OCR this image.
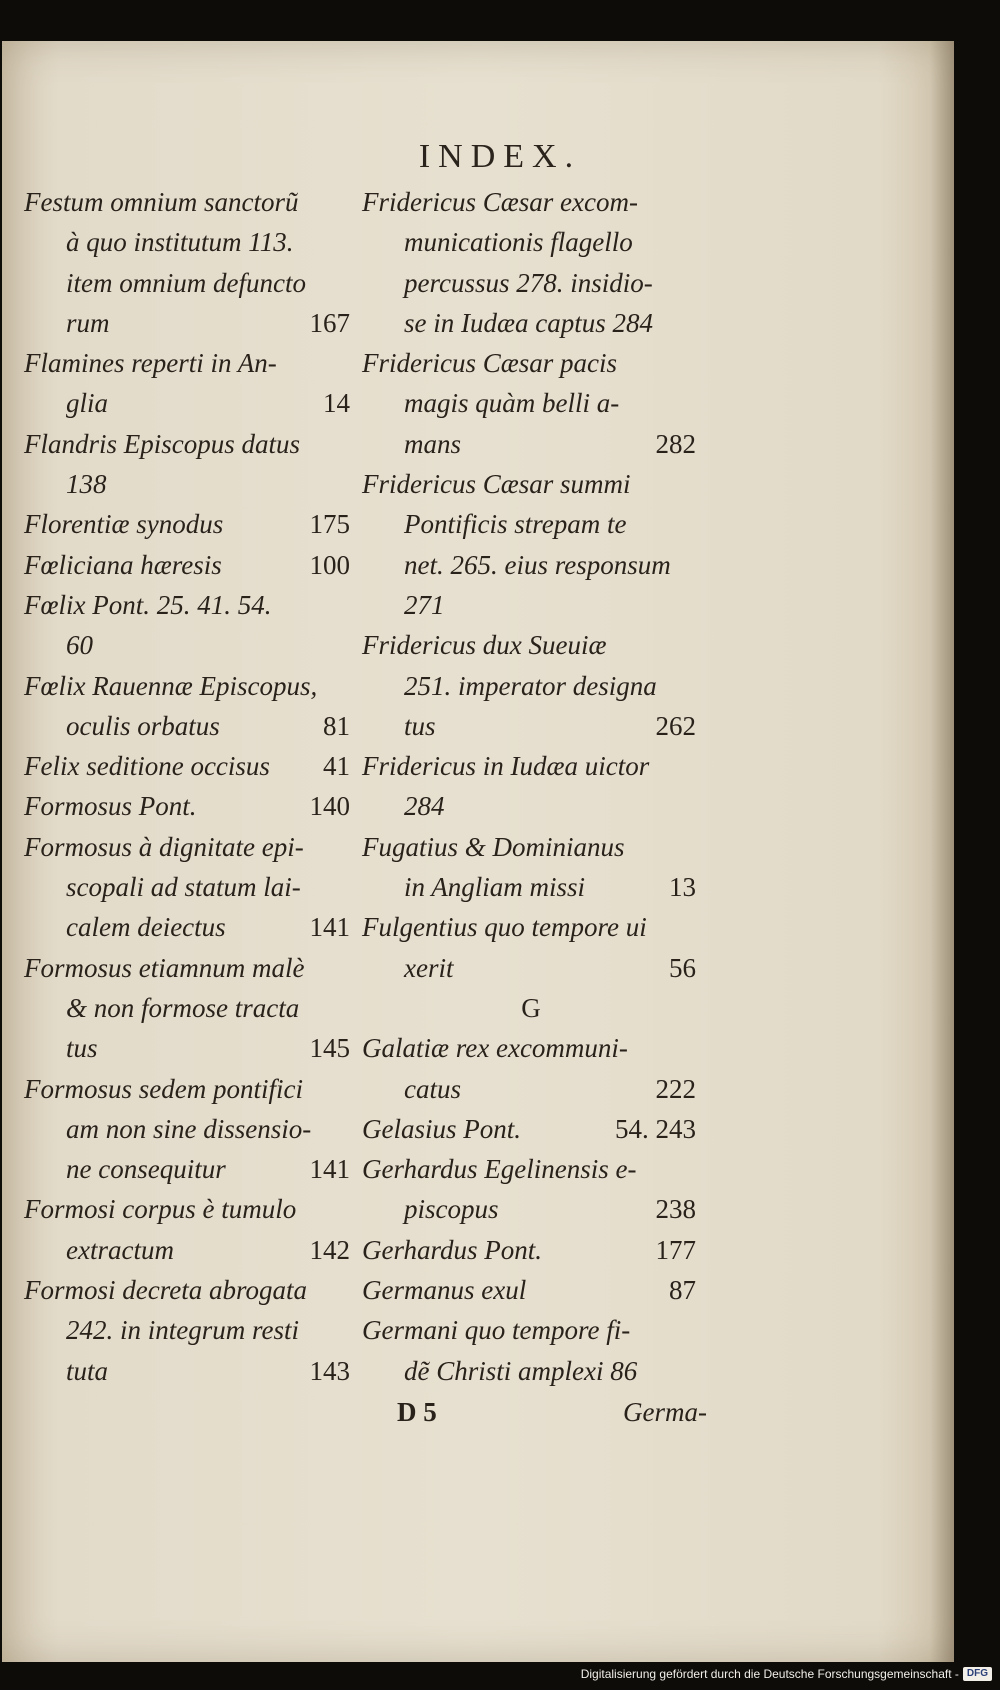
INDEX.
Festum omnium sanctorũ
à quo institutum 113.
item omnium defuncto
rum	167
Flamines reperti in An-
glia	14
Flandris Episcopus datus
138
Florentiæ synodus	175
Fœliciana hæresis	100
Fœlix Pont. 25. 41. 54.
60
Fœlix Rauennæ Episcopus,
oculis orbatus	81
Felix seditione occisus 41
Formosus Pont.	140
Formosus à dignitate epi-
scopali ad statum lai-
calem deiectus	141
Formosus etiamnum malè
& non formose tracta
tus	145
Formosus sedem pontifici
am non sine dissensio-
ne consequitur	141
Formosi corpus è tumulo
extractum	142
Formosi decreta abrogata
242. in integrum resti
tuta	143
Fridericus Cæsar excom-
municationis flagello
percussus 278. insidio-
se in Iudæa captus 284
Fridericus Cæsar pacis
magis quàm belli a-
mans	282
Fridericus Cæsar summi
Pontificis strepam te
net. 265. eius responsum
271
Fridericus dux Sueuiæ
251. imperator designa
tus	262
Fridericus in Iudæa uictor
284
Fugatius & Dominianus
in Angliam missi	13
Fulgentius quo tempore ui
xerit	56
G
Galatiæ rex excommuni-
catus	222
Gelasius Pont.	54. 243
Gerhardus Egelinensis e-
piscopus	238
Gerhardus Pont.	177
Germanus exul	87
Germani quo tempore fi-
dẽ Christi amplexi 86
D 5	Germa-
Digitalisierung gefördert durch die Deutsche Forschungsgemeinschaft - DFG
